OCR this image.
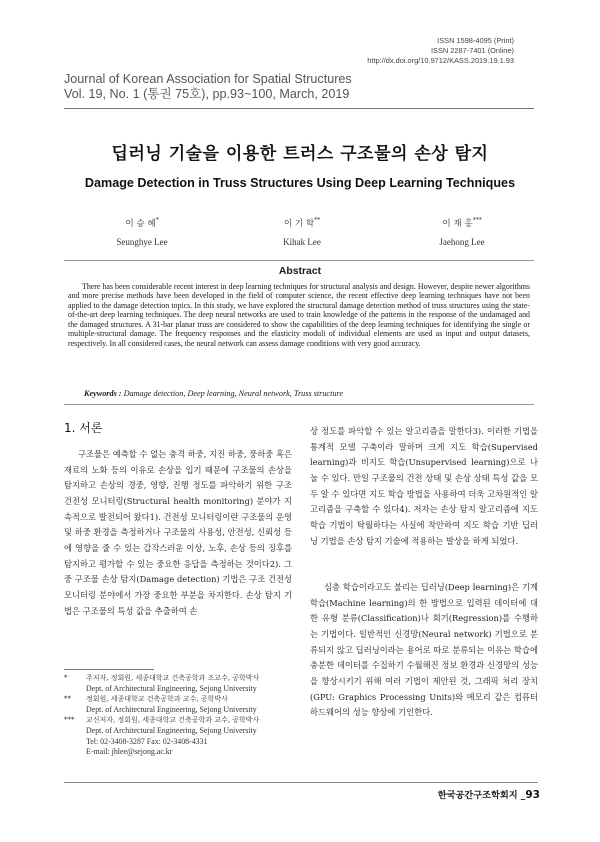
ISSN 1598-4095 (Print)
ISSN 2287-7401 (Online)
http://dx.doi.org/10.9712/KASS.2019.19.1.93
Journal of Korean Association for Spatial Structures
Vol. 19, No. 1 (통권 75호), pp.93~100, March, 2019
딥러닝 기술을 이용한 트러스 구조물의 손상 탐지
Damage Detection in Truss Structures Using Deep Learning Techniques
이 승 혜*
Seunghye Lee
이 기 학**
Kihak Lee
이 재 홍***
Jaehong Lee
Abstract

There has been considerable recent interest in deep learning techniques for structural analysis and design. However, despite newer algorithms and more precise methods have been developed in the field of computer science, the recent effective deep learning techniques have not been applied to the damage detection topics. In this study, we have explored the structural damage detection method of truss structures using the state-of-the-art deep learning techniques. The deep neural networks are used to train knowledge of the patterns in the response of the undamaged and the damaged structures. A 31-bar planar truss are considered to show the capabilities of the deep learning techniques for identifying the single or multiple-structural damage. The frequency responses and the elasticity moduli of individual elements are used as input and output datasets, respectively. In all considered cases, the neural network can assess damage conditions with very good accuracy.

Keywords : Damage detection, Deep learning, Neural network, Truss structure
1. 서론

구조물은 예측할 수 없는 충격 하중, 지진 하중, 풍하중 혹은 재료의 노화 등의 이유로 손상을 입기 때문에 구조물의 손상을 탐지하고 손상의 경중, 영향, 진행 정도를 파악하기 위한 구조 건전성 모니터링(Structural health monitoring) 분야가 지속적으로 발전되어 왔다1). 건전성 모니터링이란 구조물의 운영 및 하중 환경을 측정하거나 구조물의 사용성, 안전성, 신뢰성 등에 영향을 줄 수 있는 갑작스러운 이상, 노후, 손상 등의 징후를 탐지하고 평가할 수 있는 중요한 응답을 측정하는 것이다2). 그 중 구조물 손상 탐지(Damage detection) 기법은 구조 건전성 모니터링 분야에서 가장 중요한 부분을 차지한다. 손상 탐지 기법은 구조물의 특성 값을 추출하여 손

상 정도를 파악할 수 있는 알고리즘을 말한다3). 이러한 기법을 통계적 모델 구축이라 말하며 크게 지도 학습(Supervised learning)과 비지도 학습(Unsupervised learning)으로 나눌 수 있다. 만일 구조물의 건전 상태 및 손상 상태 특성 값을 모두 알 수 있다면 지도 학습 방법을 사용하여 더욱 고차원적인 알고리즘을 구축할 수 있다4). 저자는 손상 탐지 알고리즘에 지도 학습 기법이 탁월하다는 사실에 착안하여 지도 학습 기반 딥러닝 기법을 손상 탐지 기술에 적용하는 발상을 하게 되었다.

심층 학습이라고도 불리는 딥러닝(Deep learning)은 기계 학습(Machine learning)의 한 방법으로 입력된 데이터에 대한 유형 분류(Classification)나 회기(Regression)를 수행하는 기법이다. 일반적인 신경망(Neural network) 기법으로 분류되지 않고 딥러닝이라는 용어로 따로 분류되는 이유는 학습에 충분한 데이터를 수집하기 수월해진 정보 환경과 신경망의 성능을 향상시키기 위해 여러 기법이 제안된 것, 그래픽 처리 장치(GPU: Graphics Processing Units)와 메모리 같은 컴퓨터 하드웨어의 성능 향상에 기인한다.

*	주저자, 정회원, 세종대학교 건축공학과 조교수, 공학박사
Dept. of Architectural Engineering, Sejong University
**	정회원, 세종대학교 건축공학과 교수, 공학박사
Dept. of Architectural Engineering, Sejong University
***	교신저자, 정회원, 세종대학교 건축공학과 교수, 공학박사
Dept. of Architectural Engineering, Sejong University
Tel: 02-3408-3287 Fax: 02-3408-4331
E-mail: jhlee@sejong.ac.kr
한국공간구조학회지 _93
